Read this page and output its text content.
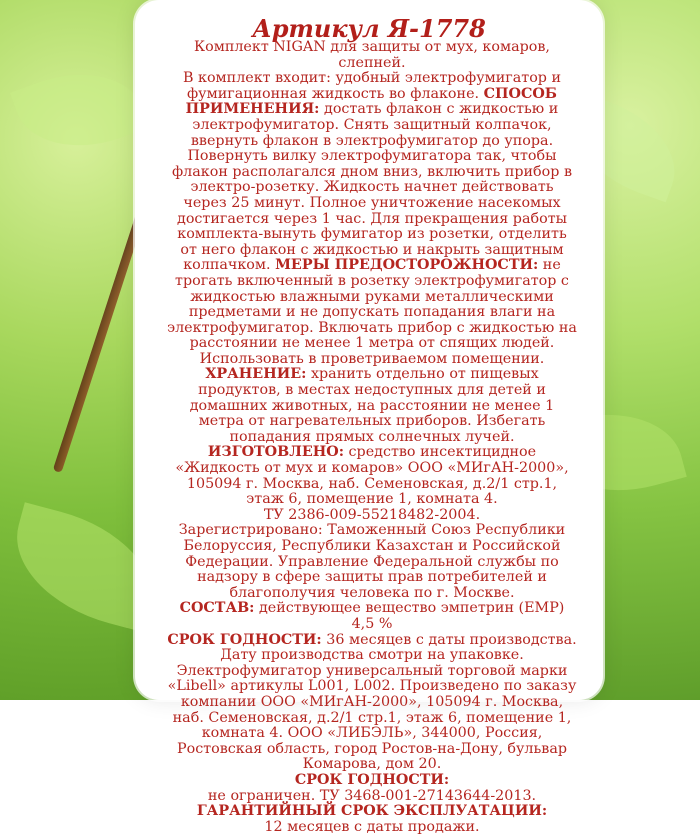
Артикул Я-1778

Комплект NIGAN для защиты от мух, комаров, слепней.

В комплект входит: удобный электрофумигатор и фумигационная жидкость во флаконе. СПОСОБ ПРИМЕНЕНИЯ: достать флакон с жидкостью и электрофумигатор. Снять защитный колпачок, ввернуть флакон в электрофумигатор до упора. Повернуть вилку электрофумигатора так, чтобы флакон располагался дном вниз, включить прибор в электро-розетку. Жидкость начнет действовать через 25 минут. Полное уничтожение насекомых достигается через 1 час. Для прекращения работы комплекта-вынуть фумигатор из розетки, отделить от него флакон с жидкостью и накрыть защитным колпачком. МЕРЫ ПРЕДОСТОРОЖНОСТИ: не трогать включенный в розетку электрофумигатор с жидкостью влажными руками металлическими предметами и не допускать попадания влаги на электрофумигатор. Включать прибор с жидкостью на расстоянии не менее 1 метра от спящих людей. Использовать в проветриваемом помещении. ХРАНЕНИЕ: хранить отдельно от пищевых продуктов, в местах недоступных для детей и домашних животных, на расстоянии не менее 1 метра от нагревательных приборов. Избегать попадания прямых солнечных лучей.

ИЗГОТОВЛЕНО: средство инсектицидное «Жидкость от мух и комаров» ООО «МИгАН-2000», 105094 г. Москва, наб. Семеновская, д.2/1 стр.1, этаж 6, помещение 1, комната 4.

ТУ 2386-009-55218482-2004.

Зарегистрировано: Таможенный Союз Республики Белоруссия, Республики Казахстан и Российской Федерации. Управление Федеральной службы по надзору в сфере защиты прав потребителей и благополучия человека по г. Москве.

СОСТАВ: действующее вещество эмпетрин (ЕМР) 4,5 %

СРОК ГОДНОСТИ: 36 месяцев с даты производства.

Дату производства смотри на упаковке.

Электрофумигатор универсальный торговой марки «Libell» артикулы L001, L002. Произведено по заказу компании ООО «МИгАН-2000», 105094 г. Москва, наб. Семеновская, д.2/1 стр.1, этаж 6, помещение 1, комната 4. ООО «ЛИБЭЛЬ», 344000, Россия, Ростовская область, город Ростов-на-Дону, бульвар Комарова, дом 20.

СРОК ГОДНОСТИ:

не ограничен. ТУ 3468-001-27143644-2013.

ГАРАНТИЙНЫЙ СРОК ЭКСПЛУАТАЦИИ:

12 месяцев с даты продажи.
